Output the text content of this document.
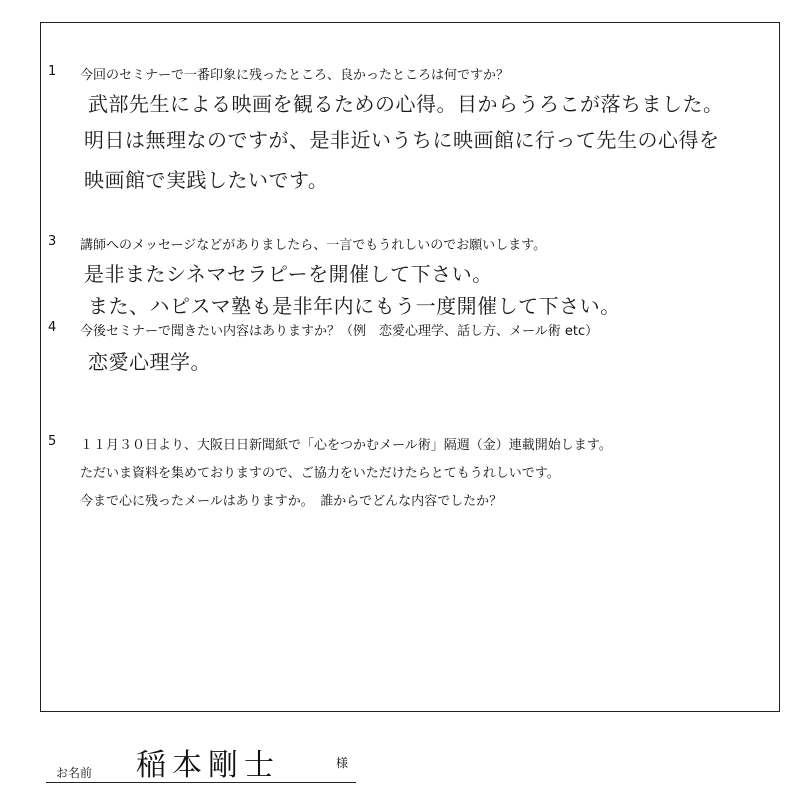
1	今回のセミナーで一番印象に残ったところ、良かったところは何ですか？
武部先生による映画を観るための心得。目からうろこが落ちました。
明日は無理なのですが、是非近いうちに映画館に行って先生の心得を
映画館で実践したいです。
3	講師へのメッセージなどがありましたら、一言でもうれしいのでお願いします。
是非またシネマセラピーを開催して下さい。
また、ハピスマ塾も是非年内にもう一度開催して下さい。
4	今後セミナーで聞きたい内容はありますか？（例　恋愛心理学、話し方、メール術 etc）
恋愛心理学。
5	１１月３０日より、大阪日日新聞紙で「心をつかむメール術」隔週（金）連載開始します。
ただいま資料を集めておりますので、ご協力をいただけたらとてもうれしいです。
今まで心に残ったメールはありますか。　誰からでどんな内容でしたか？
お名前 稲本剛士	様
